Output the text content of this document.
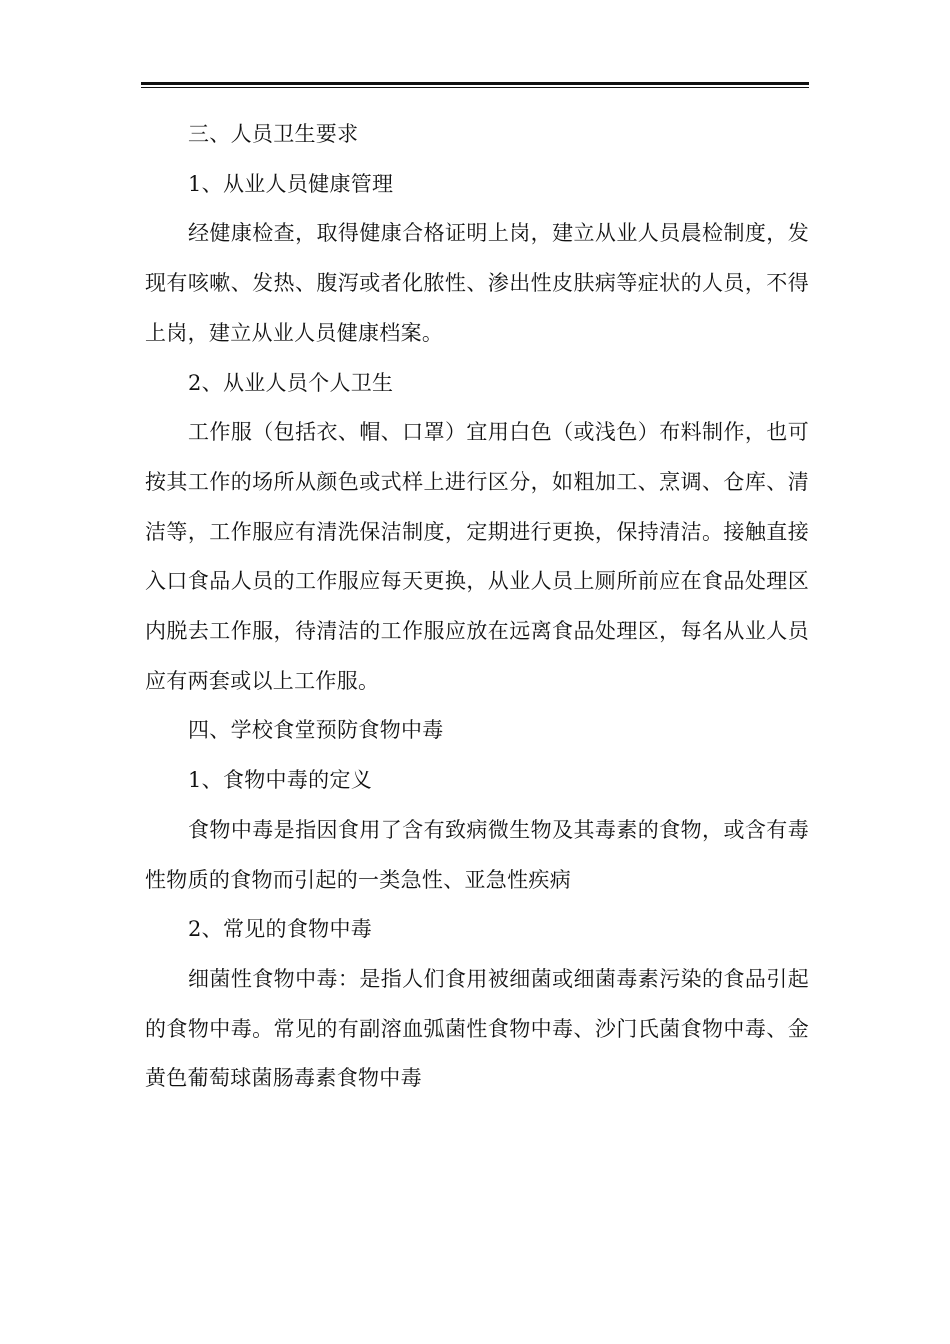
三、人员卫生要求

1、从业人员健康管理

经健康检查，取得健康合格证明上岗，建立从业人员晨检制度，发现有咳嗽、发热、腹泻或者化脓性、渗出性皮肤病等症状的人员，不得上岗，建立从业人员健康档案。

2、从业人员个人卫生

工作服（包括衣、帽、口罩）宜用白色（或浅色）布料制作，也可按其工作的场所从颜色或式样上进行区分，如粗加工、烹调、仓库、清洁等，工作服应有清洗保洁制度，定期进行更换，保持清洁。接触直接入口食品人员的工作服应每天更换，从业人员上厕所前应在食品处理区内脱去工作服，待清洁的工作服应放在远离食品处理区，每名从业人员应有两套或以上工作服。

四、学校食堂预防食物中毒

1、食物中毒的定义

食物中毒是指因食用了含有致病微生物及其毒素的食物，或含有毒性物质的食物而引起的一类急性、亚急性疾病

2、常见的食物中毒

细菌性食物中毒：是指人们食用被细菌或细菌毒素污染的食品引起的食物中毒。常见的有副溶血弧菌性食物中毒、沙门氏菌食物中毒、金黄色葡萄球菌肠毒素食物中毒
